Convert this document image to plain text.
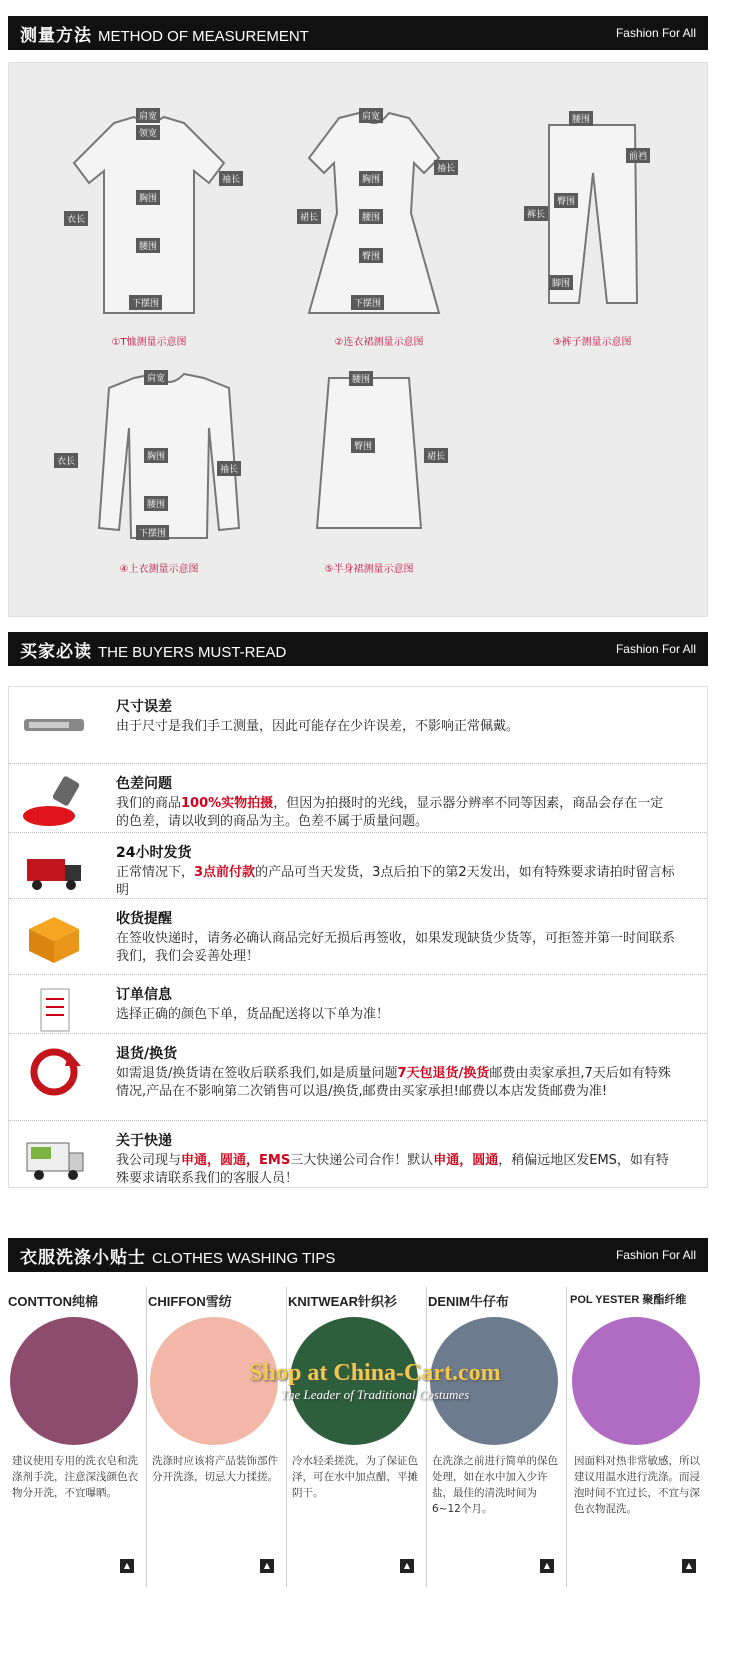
测量方法 METHOD OF MEASUREMENT	Fashion For All
肩宽
领宽
袖长
胸围
衣长
腰围
下摆围
①T恤测量示意图
肩宽
袖长
胸围
裙长	腰围
臀围
下摆围
②连衣裙测量示意图
腰围
前裆
臀围
裤长
脚围
③裤子测量示意图
肩宽
衣长	胸围
袖长
腰围
下摆围
④上衣测量示意图
腰围
臀围
裙长
⑤半身裙测量示意图
买家必读 THE BUYERS MUST-READ	Fashion For All
尺寸误差
由于尺寸是我们手工测量，因此可能存在少许误差，不影响正常佩戴。
色差问题
我们的商品100%实物拍摄，但因为拍摄时的光线，显示器分辨率不同等因素，商品会存在一定的色差，请以收到的商品为主。色差不属于质量问题。
24小时发货
正常情况下，3点前付款的产品可当天发货，3点后拍下的第2天发出，如有特殊要求请拍时留言标明
收货提醒
在签收快递时，请务必确认商品完好无损后再签收，如果发现缺货少货等，可拒签并第一时间联系我们，我们会妥善处理！
订单信息
选择正确的颜色下单，货品配送将以下单为准！
退货/换货
如需退货/换货请在签收后联系我们,如是质量问题7天包退货/换货邮费由卖家承担,7天后如有特殊情况,产品在不影响第二次销售可以退/换货,邮费由买家承担!邮费以本店发货邮费为准!
关于快递
我公司现与申通，圆通，EMS三大快递公司合作！默认申通，圆通，稍偏远地区发EMS，如有特殊要求请联系我们的客服人员！
衣服洗涤小贴士 CLOTHES WASHING TIPS	Fashion For All
CONTTON纯棉
建议使用专用的洗衣皂和洗涤剂手洗，注意深浅颜色衣物分开洗，不宜曝晒。
▲
CHIFFON雪纺
洗涤时应该将产品装饰部件分开洗涤，切忌大力揉搓。
▲
KNITWEAR针织衫
冷水轻柔搓洗，为了保证色泽，可在水中加点醋，平摊阴干。
▲
DENIM牛仔布
在洗涤之前进行简单的保色处理，如在水中加入少许盐，最佳的清洗时间为6~12个月。
▲
POL YESTER 聚酯纤维
因面料对热非常敏感，所以建议用温水进行洗涤。而浸泡时间不宜过长，不宜与深色衣物混洗。
▲
Shop at China-Cart.com
The Leader of Traditional Costumes
